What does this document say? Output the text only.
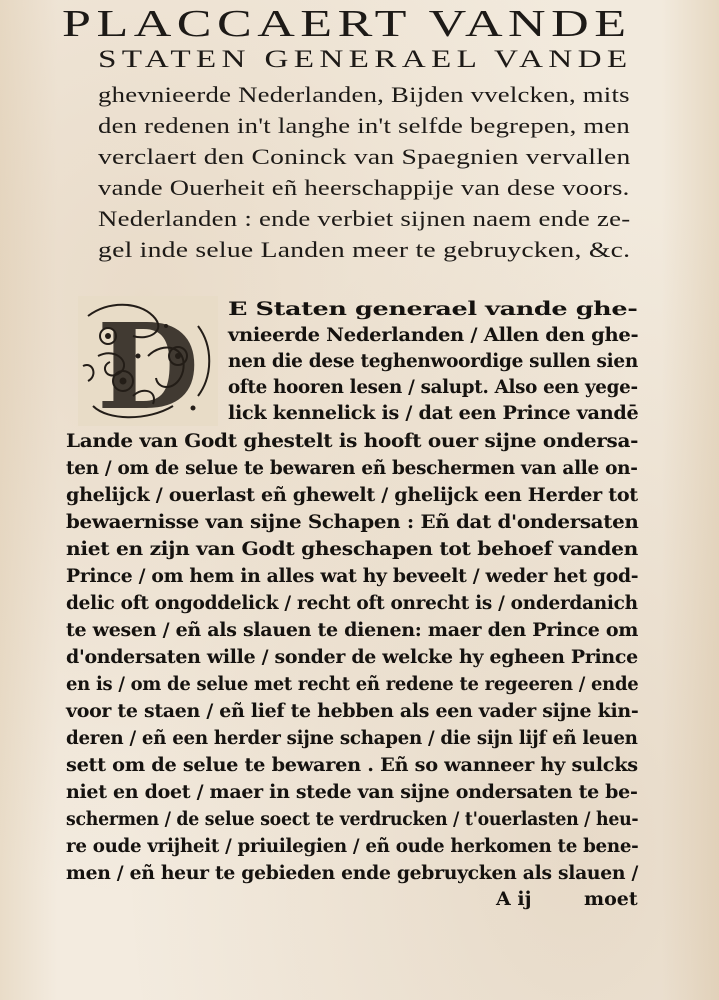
PLACCAERT VANDE
STATEN GENERAEL VANDE
ghevnieerde Nederlanden, Bijden vvelcken, mits
den redenen in't langhe in't selfde begrepen, men
verclaert den Coninck van Spaegnien vervallen
vande Ouerheit eñ heerschappije van dese voors.
Nederlanden : ende verbiet sijnen naem ende ze-
gel inde selue Landen meer te gebruycken, &c.
D E Staten generael vande ghe-
vnieerde Nederlanden / Allen den ghe-
nen die dese teghenwoordige sullen sien
ofte hooren lesen / salupt. Also een yege-
lick kennelick is / dat een Prince vandē
Lande van Godt ghestelt is hooft ouer sijne ondersa-
ten / om de selue te bewaren eñ beschermen van alle on-
ghelijck / ouerlast eñ ghewelt / ghelijck een Herder tot
bewaernisse van sijne Schapen : Eñ dat d'ondersaten
niet en zijn van Godt gheschapen tot behoef vanden
Prince / om hem in alles wat hy beveelt / weder het god-
delic oft ongoddelick / recht oft onrecht is / onderdanich
te wesen / eñ als slauen te dienen: maer den Prince om
d'ondersaten wille / sonder de welcke hy egheen Prince
en is / om de selue met recht eñ redene te regeeren / ende
voor te staen / eñ lief te hebben als een vader sijne kin-
deren / eñ een herder sijne schapen / die sijn lijf eñ leuen
sett om de selue te bewaren . Eñ so wanneer hy sulcks
niet en doet / maer in stede van sijne ondersaten te be-
schermen / de selue soect te verdrucken / t'ouerlasten / heu-
re oude vrijheit / priuilegien / eñ oude herkomen te bene-
men / eñ heur te gebieden ende gebruycken als slauen /
A ij	moet
